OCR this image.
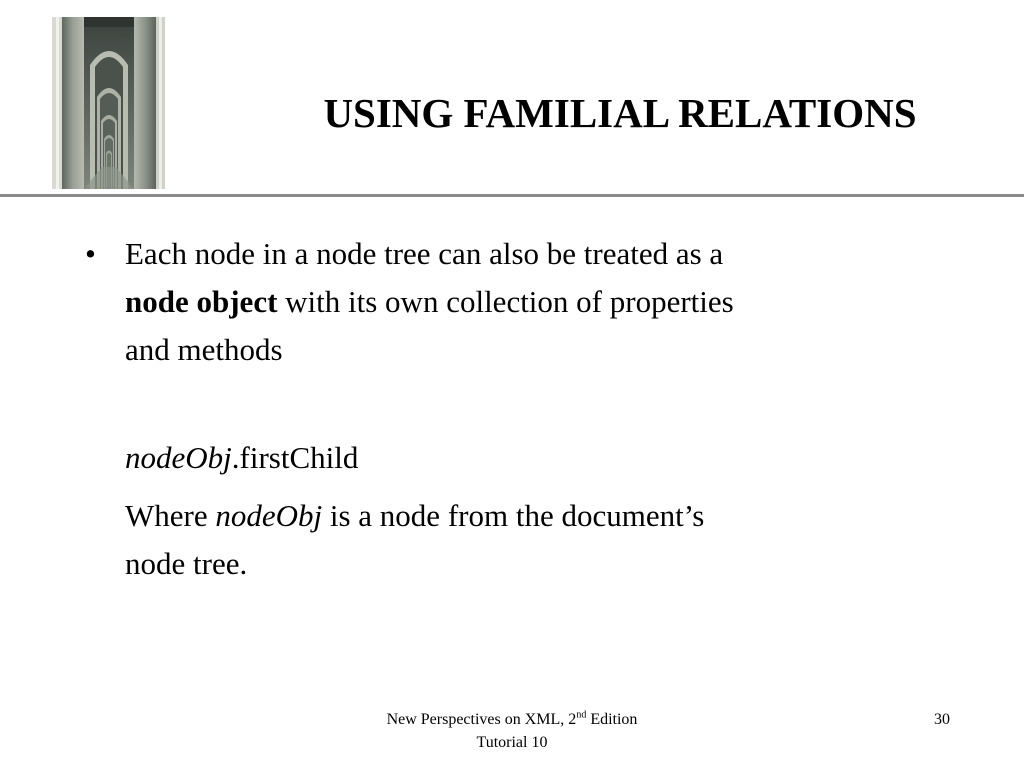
USING FAMILIAL RELATIONS
• Each node in a node tree can also be treated as a
node object with its own collection of properties
and methods
nodeObj.firstChild
Where nodeObj is a node from the document’s
node tree.
New Perspectives on XML, 2nd Edition
Tutorial 10
30
